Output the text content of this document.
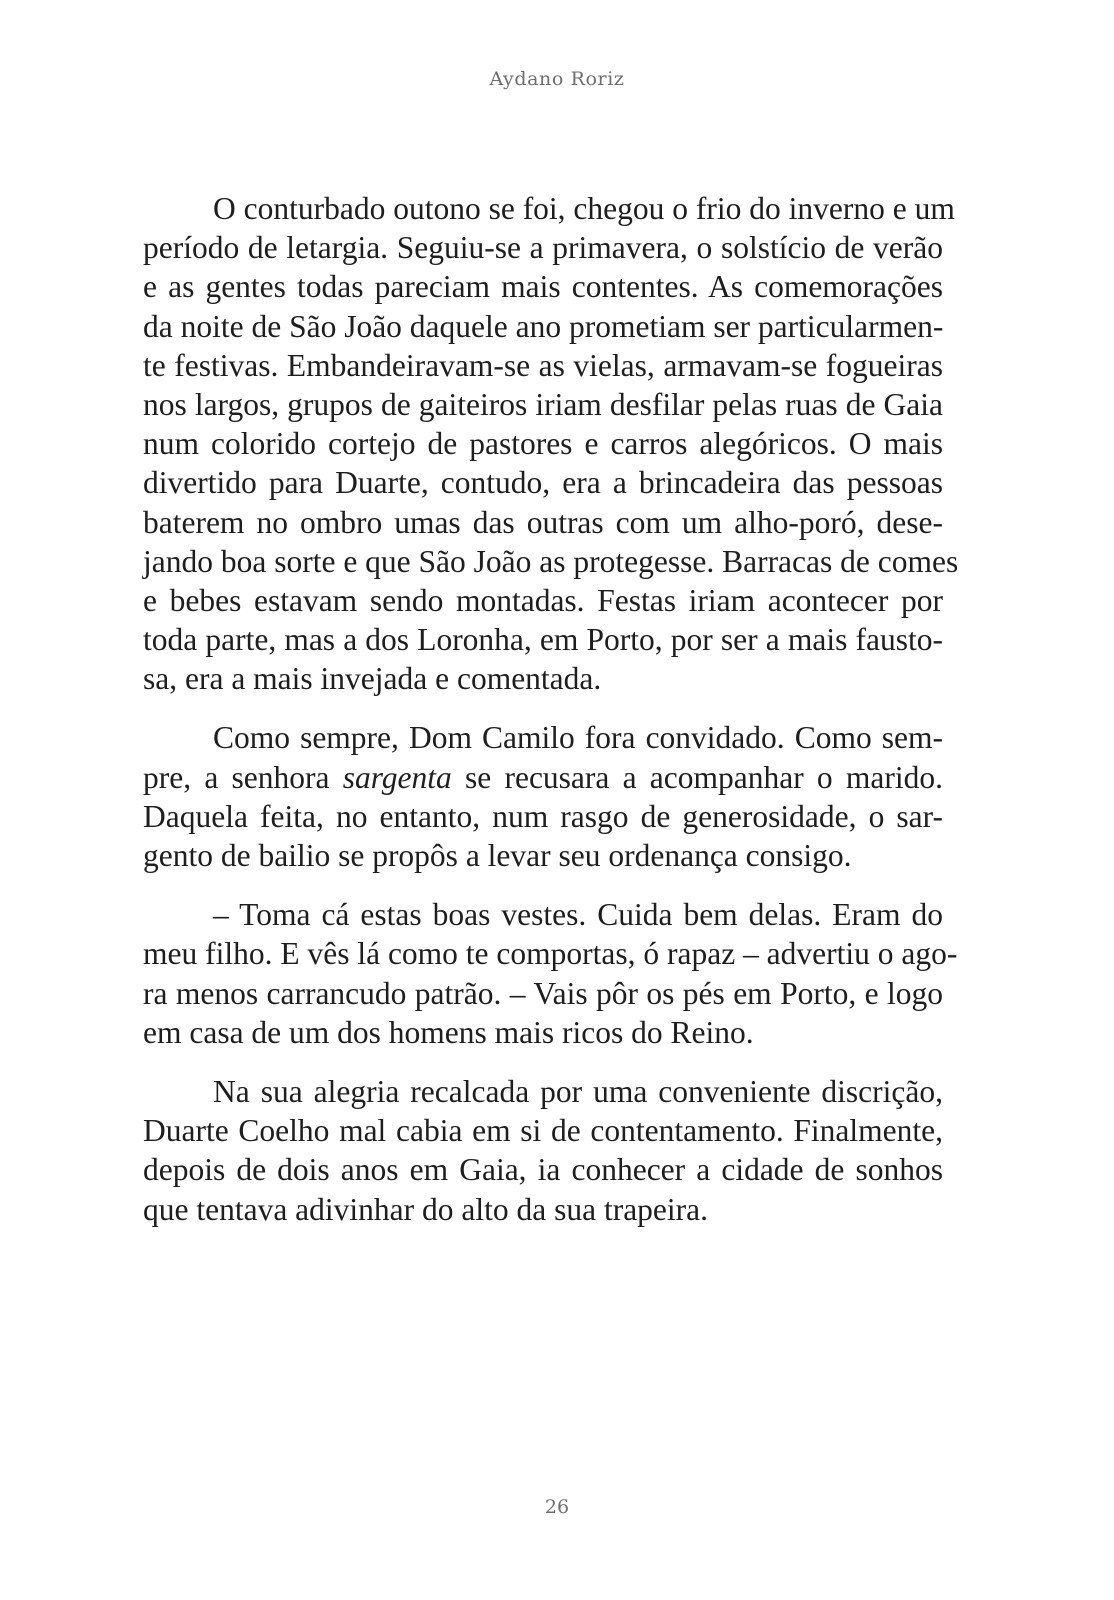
Aydano Roriz
O conturbado outono se foi, chegou o frio do inverno e um
período de letargia. Seguiu-se a primavera, o solstício de verão
e as gentes todas pareciam mais contentes. As comemorações
da noite de São João daquele ano prometiam ser particularmen-
te festivas. Embandeiravam-se as vielas, armavam-se fogueiras
nos largos, grupos de gaiteiros iriam desfilar pelas ruas de Gaia
num colorido cortejo de pastores e carros alegóricos. O mais
divertido para Duarte, contudo, era a brincadeira das pessoas
baterem no ombro umas das outras com um alho-poró, dese-
jando boa sorte e que São João as protegesse. Barracas de comes
e bebes estavam sendo montadas. Festas iriam acontecer por
toda parte, mas a dos Loronha, em Porto, por ser a mais fausto-
sa, era a mais invejada e comentada.
Como sempre, Dom Camilo fora convidado. Como sem-
pre, a senhora sargenta se recusara a acompanhar o marido.
Daquela feita, no entanto, num rasgo de generosidade, o sar-
gento de bailio se propôs a levar seu ordenança consigo.
– Toma cá estas boas vestes. Cuida bem delas. Eram do
meu filho. E vês lá como te comportas, ó rapaz – advertiu o ago-
ra menos carrancudo patrão. – Vais pôr os pés em Porto, e logo
em casa de um dos homens mais ricos do Reino.
Na sua alegria recalcada por uma conveniente discrição,
Duarte Coelho mal cabia em si de contentamento. Finalmente,
depois de dois anos em Gaia, ia conhecer a cidade de sonhos
que tentava adivinhar do alto da sua trapeira.
26
